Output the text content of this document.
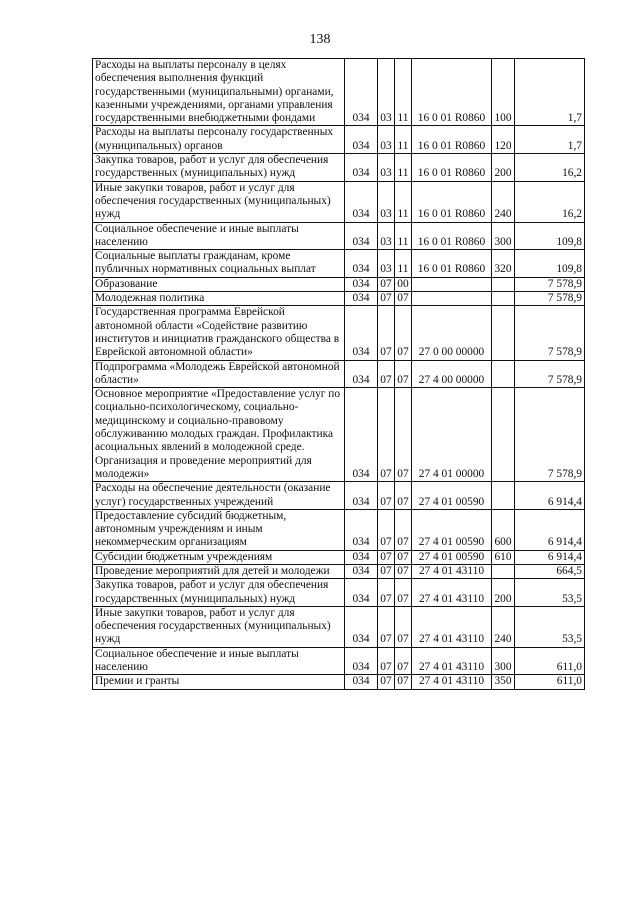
138
Расходы на выплаты персоналу в целях обеспечения выполнения функций государственными (муниципальными) органами, казенными учреждениями, органами управления государственными внебюджетными фондами	034	03	11	16 0 01 R0860	100	1,7
Расходы на выплаты персоналу государственных (муниципальных) органов	034	03	11	16 0 01 R0860	120	1,7
Закупка товаров, работ и услуг для обеспечения государственных (муниципальных) нужд	034	03	11	16 0 01 R0860	200	16,2
Иные закупки товаров, работ и услуг для обеспечения государственных (муниципальных) нужд	034	03	11	16 0 01 R0860	240	16,2
Социальное обеспечение и иные выплаты населению	034	03	11	16 0 01 R0860	300	109,8
Социальные выплаты гражданам, кроме публичных нормативных социальных выплат	034	03	11	16 0 01 R0860	320	109,8
Образование	034	07	00			7 578,9
Молодежная политика	034	07	07			7 578,9
Государственная программа Еврейской автономной области «Содействие развитию институтов и инициатив гражданского общества в Еврейской автономной области»	034	07	07	27 0 00 00000		7 578,9
Подпрограмма «Молодежь Еврейской автономной области»	034	07	07	27 4 00 00000		7 578,9
Основное мероприятие «Предоставление услуг по социально-психологическому, социально-медицинскому и социально-правовому обслуживанию молодых граждан. Профилактика асоциальных явлений в молодежной среде. Организация и проведение мероприятий для молодежи»	034	07	07	27 4 01 00000		7 578,9
Расходы на обеспечение деятельности (оказание услуг) государственных учреждений	034	07	07	27 4 01 00590		6 914,4
Предоставление субсидий бюджетным, автономным учреждениям и иным некоммерческим организациям	034	07	07	27 4 01 00590	600	6 914,4
Субсидии бюджетным учреждениям	034	07	07	27 4 01 00590	610	6 914,4
Проведение мероприятий для детей и молодежи	034	07	07	27 4 01 43110		664,5
Закупка товаров, работ и услуг для обеспечения государственных (муниципальных) нужд	034	07	07	27 4 01 43110	200	53,5
Иные закупки товаров, работ и услуг для обеспечения государственных (муниципальных) нужд	034	07	07	27 4 01 43110	240	53,5
Социальное обеспечение и иные выплаты населению	034	07	07	27 4 01 43110	300	611,0
Премии и гранты	034	07	07	27 4 01 43110	350	611,0
